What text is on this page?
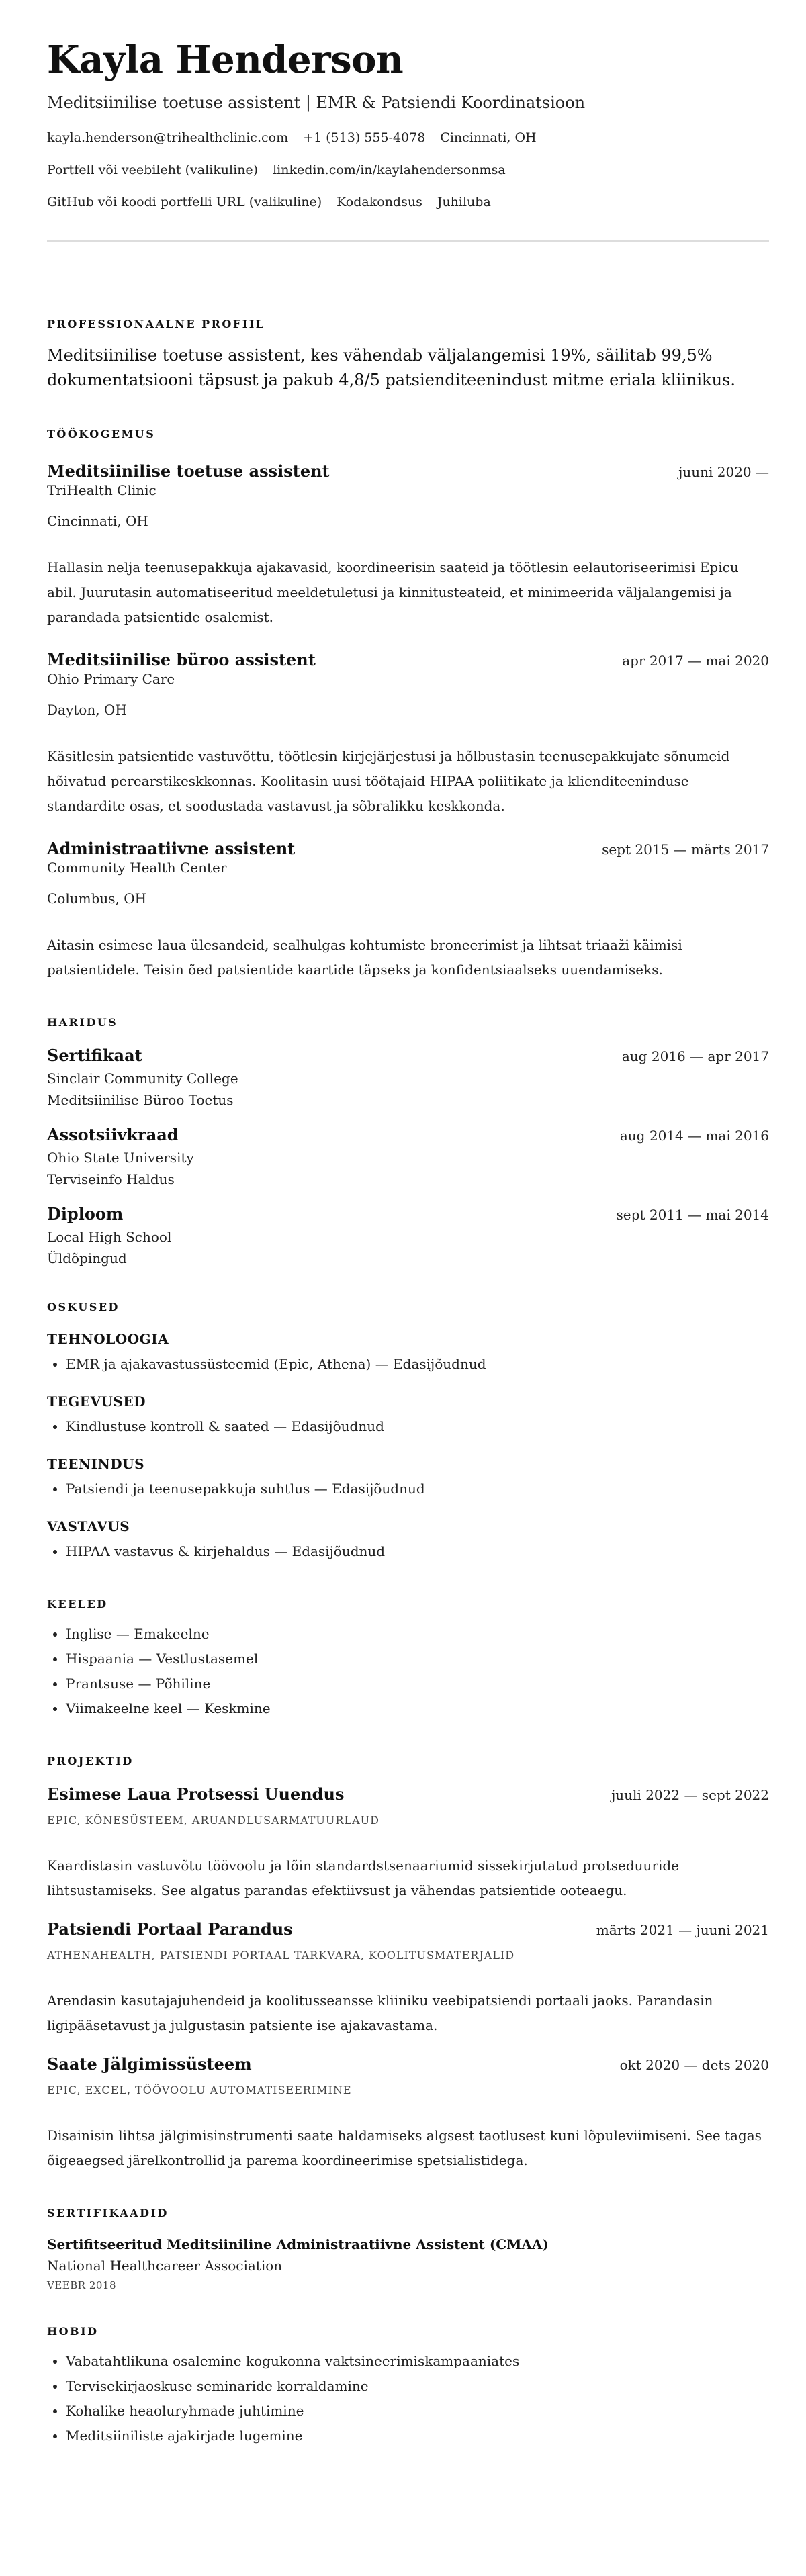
Kayla Henderson
Meditsiinilise toetuse assistent | EMR & Patsiendi Koordinatsioon
kayla.henderson@trihealthclinic.com +1 (513) 555-4078 Cincinnati, OH
Portfell või veebileht (valikuline) linkedin.com/in/kaylahendersonmsa
GitHub või koodi portfelli URL (valikuline) Kodakondsus Juhiluba
PROFESSIONAALNE PROFIIL

Meditsiinilise toetuse assistent, kes vähendab väljalangemisi 19%, säilitab 99,5% dokumentatsiooni täpsust ja pakub 4,8/5 patsienditeenindust mitme eriala kliinikus.

TÖÖKOGEMUS
Meditsiinilise toetuse assistent	juuni 2020 —
TriHealth Clinic
Cincinnati, OH
Hallasin nelja teenusepakkuja ajakavasid, koordineerisin saateid ja töötlesin eelautoriseerimisi Epicu abil. Juurutasin automatiseeritud meeldetuletusi ja kinnitusteateid, et minimeerida väljalangemisi ja parandada patsientide osalemist.
Meditsiinilise büroo assistent	apr 2017 — mai 2020
Ohio Primary Care
Dayton, OH
Käsitlesin patsientide vastuvõttu, töötlesin kirjejärjestusi ja hõlbustasin teenusepakkujate sõnumeid hõivatud perearstikeskkonnas. Koolitasin uusi töötajaid HIPAA poliitikate ja klienditeeninduse standardite osas, et soodustada vastavust ja sõbralikku keskkonda.
Administraatiivne assistent	sept 2015 — märts 2017
Community Health Center
Columbus, OH
Aitasin esimese laua ülesandeid, sealhulgas kohtumiste broneerimist ja lihtsat triaaži käimisi patsientidele. Teisin õed patsientide kaartide täpseks ja konfidentsiaalseks uuendamiseks.
HARIDUS
Sertifikaat	aug 2016 — apr 2017
Sinclair Community College
Meditsiinilise Büroo Toetus
Assotsiivkraad	aug 2014 — mai 2016
Ohio State University
Terviseinfo Haldus
Diploom	sept 2011 — mai 2014
Local High School
Üldõpingud
OSKUSED
TEHNOLOOGIA
• EMR ja ajakavastussüsteemid (Epic, Athena) — Edasijõudnud
TEGEVUSED
• Kindlustuse kontroll & saated — Edasijõudnud
TEENINDUS
• Patsiendi ja teenusepakkuja suhtlus — Edasijõudnud
VASTAVUS
• HIPAA vastavus & kirjehaldus — Edasijõudnud
KEELED
• Inglise — Emakeelne
• Hispaania — Vestlustasemel
• Prantsuse — Põhiline
• Viimakeelne keel — Keskmine
PROJEKTID
Esimese Laua Protsessi Uuendus	juuli 2022 — sept 2022
EPIC, KÕNESÜSTEEM, ARUANDLUSARMATUURLAUD
Kaardistasin vastuvõtu töövoolu ja lõin standardstsenaariumid sissekirjutatud protseduuride lihtsustamiseks. See algatus parandas efektiivsust ja vähendas patsientide ooteaegu.
Patsiendi Portaal Parandus	märts 2021 — juuni 2021
ATHENAHEALTH, PATSIENDI PORTAAL TARKVARA, KOOLITUSMATERJALID
Arendasin kasutajajuhendeid ja koolitusseansse kliiniku veebipatsiendi portaali jaoks. Parandasin ligipääsetavust ja julgustasin patsiente ise ajakavastama.
Saate Jälgimissüsteem	okt 2020 — dets 2020
EPIC, EXCEL, TÖÖVOOLU AUTOMATISEERIMINE
Disainisin lihtsa jälgimisinstrumenti saate haldamiseks algsest taotlusest kuni lõpuleviimiseni. See tagas õigeaegsed järelkontrollid ja parema koordineerimise spetsialistidega.
SERTIFIKAADID
Sertifitseeritud Meditsiiniline Administraatiivne Assistent (CMAA)
National Healthcareer Association
VEEBR 2018
HOBID
• Vabatahtlikuna osalemine kogukonna vaktsineerimiskampaaniates
• Tervisekirjaoskuse seminaride korraldamine
• Kohalike heaoluryhmade juhtimine
• Meditsiiniliste ajakirjade lugemine
